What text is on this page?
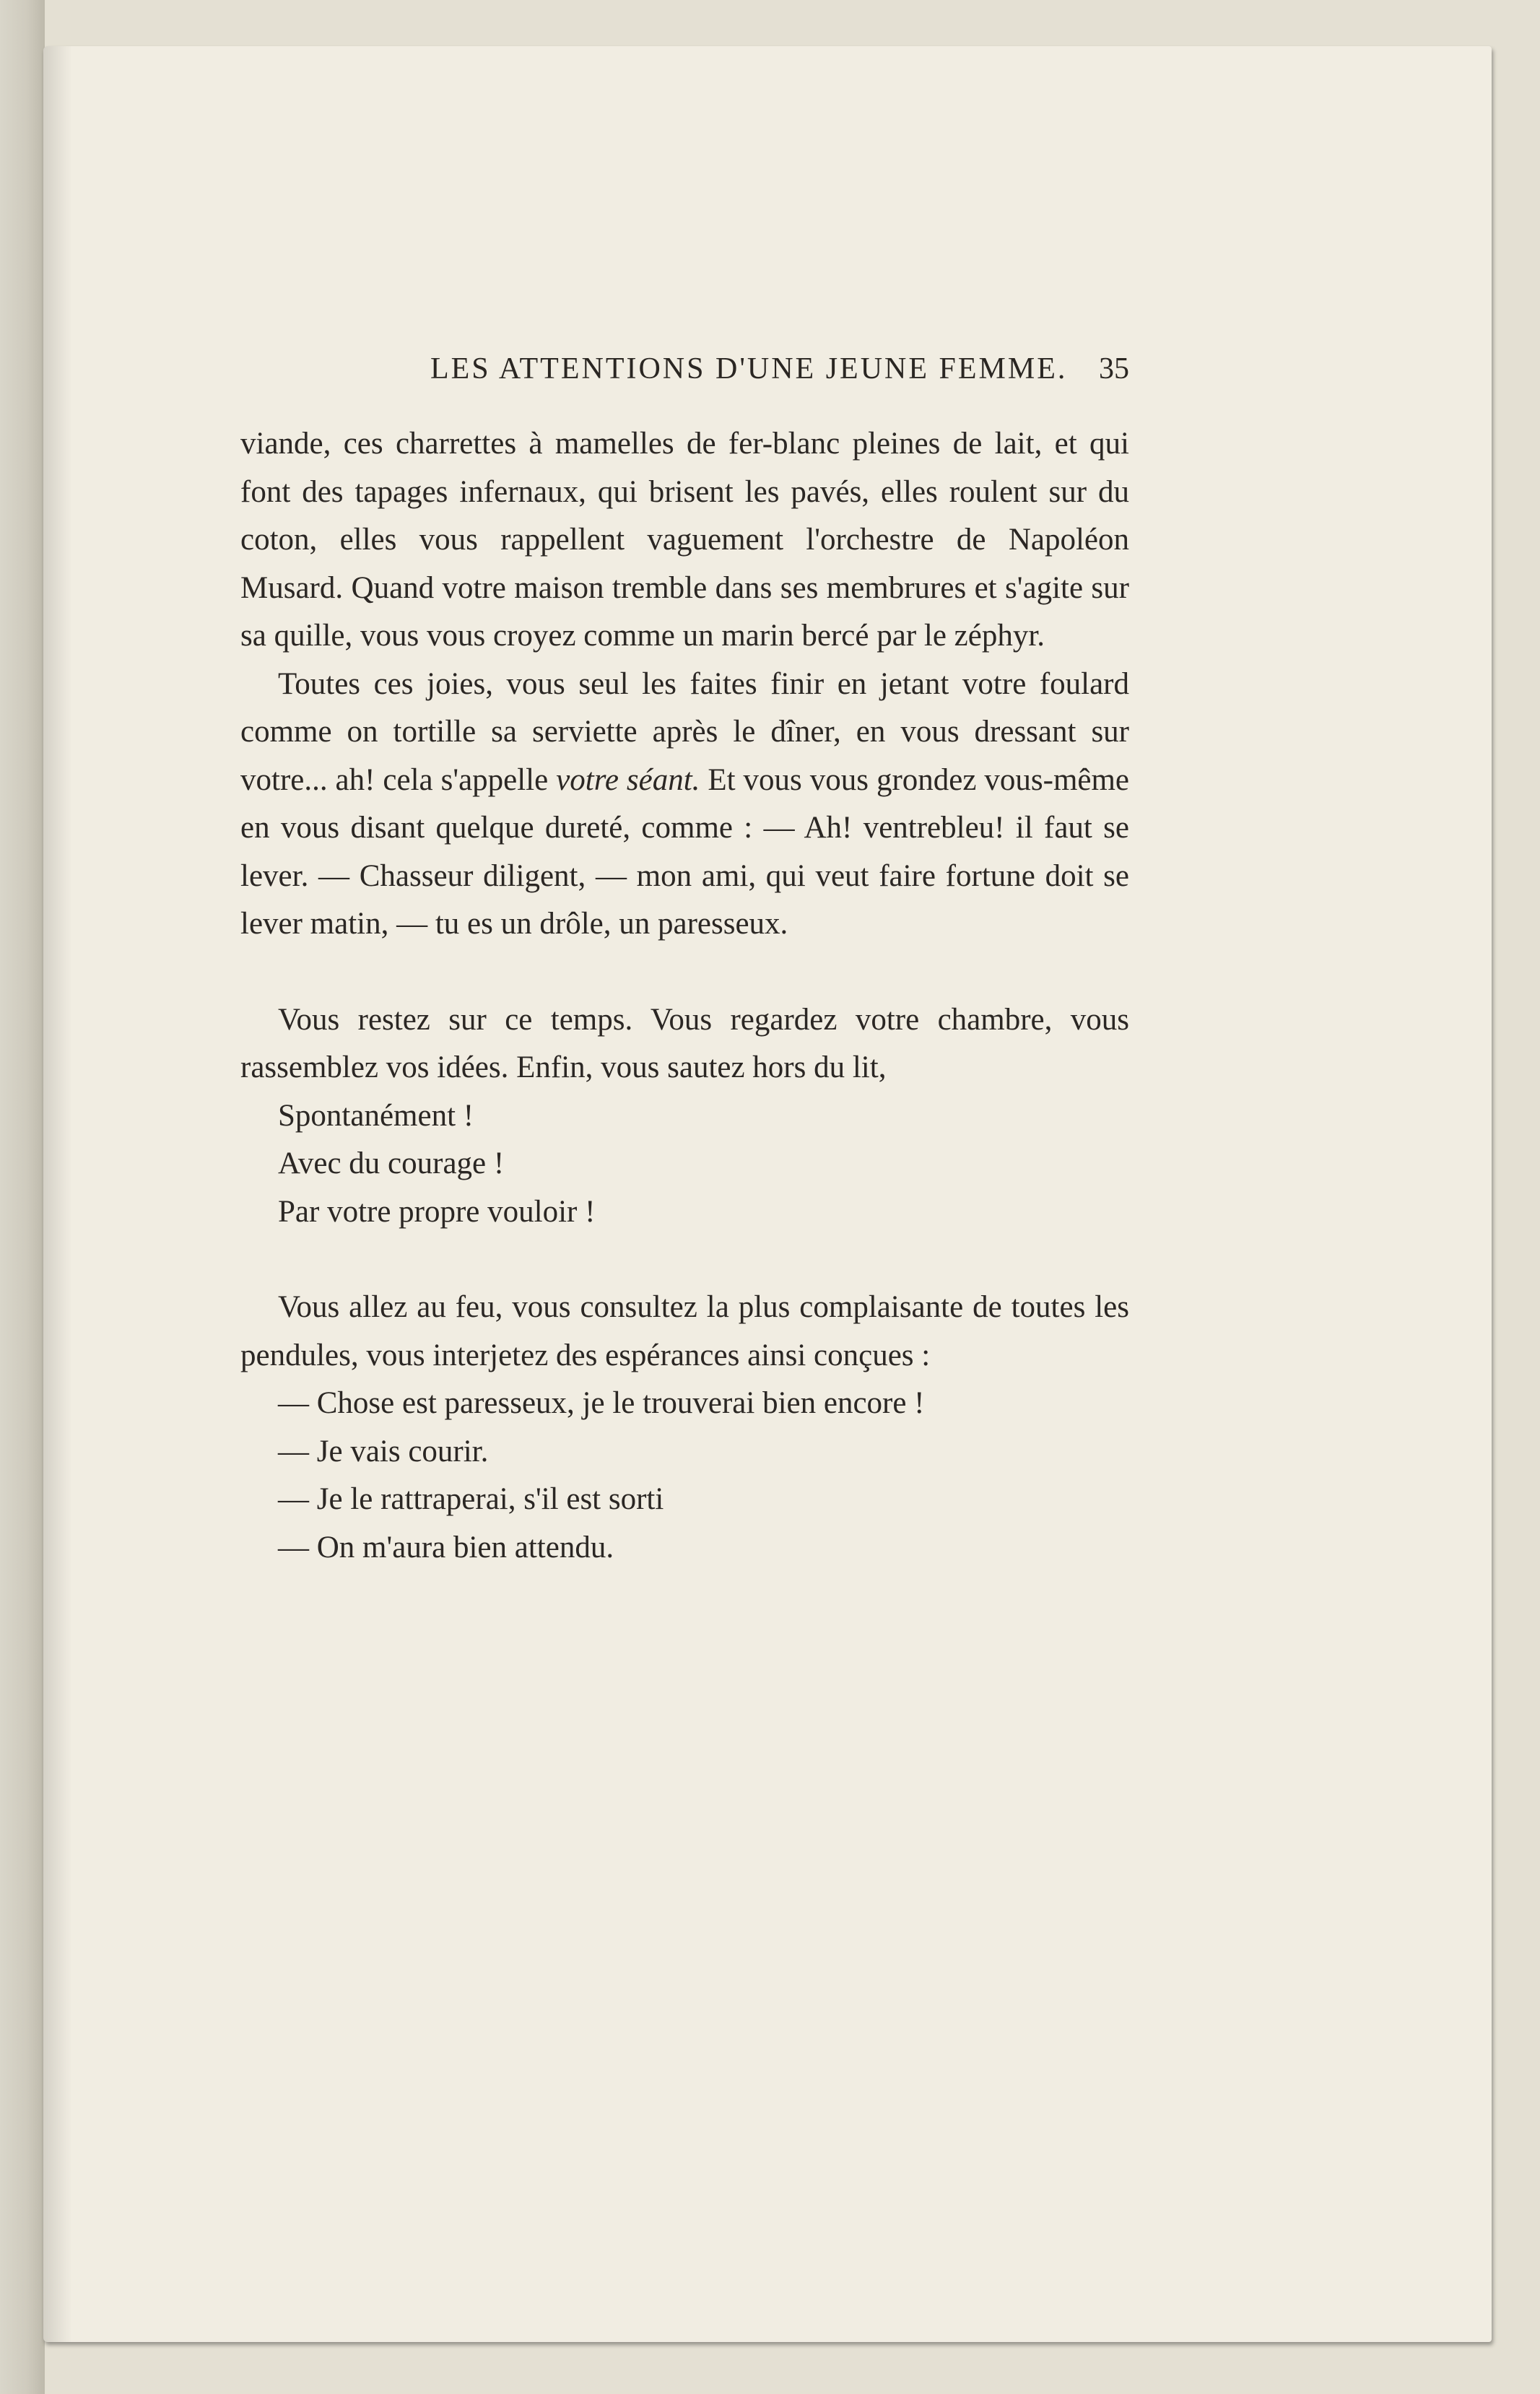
LES ATTENTIONS D'UNE JEUNE FEMME. 35

viande, ces charrettes à mamelles de fer-blanc pleines de lait, et qui font des tapages infernaux, qui brisent les pavés, elles roulent sur du coton, elles vous rappellent vaguement l'orchestre de Napoléon Musard. Quand votre maison tremble dans ses membrures et s'agite sur sa quille, vous vous croyez comme un marin bercé par le zéphyr.

Toutes ces joies, vous seul les faites finir en jetant votre foulard comme on tortille sa serviette après le dîner, en vous dressant sur votre... ah! cela s'appelle votre séant. Et vous vous grondez vous-même en vous disant quelque dureté, comme : — Ah! ventrebleu! il faut se lever. — Chasseur diligent, — mon ami, qui veut faire fortune doit se lever matin, — tu es un drôle, un paresseux.

Vous restez sur ce temps. Vous regardez votre chambre, vous rassemblez vos idées. Enfin, vous sautez hors du lit,

Spontanément !

Avec du courage !

Par votre propre vouloir !

Vous allez au feu, vous consultez la plus complaisante de toutes les pendules, vous interjetez des espérances ainsi conçues :

— Chose est paresseux, je le trouverai bien encore !

— Je vais courir.

— Je le rattraperai, s'il est sorti

— On m'aura bien attendu.
